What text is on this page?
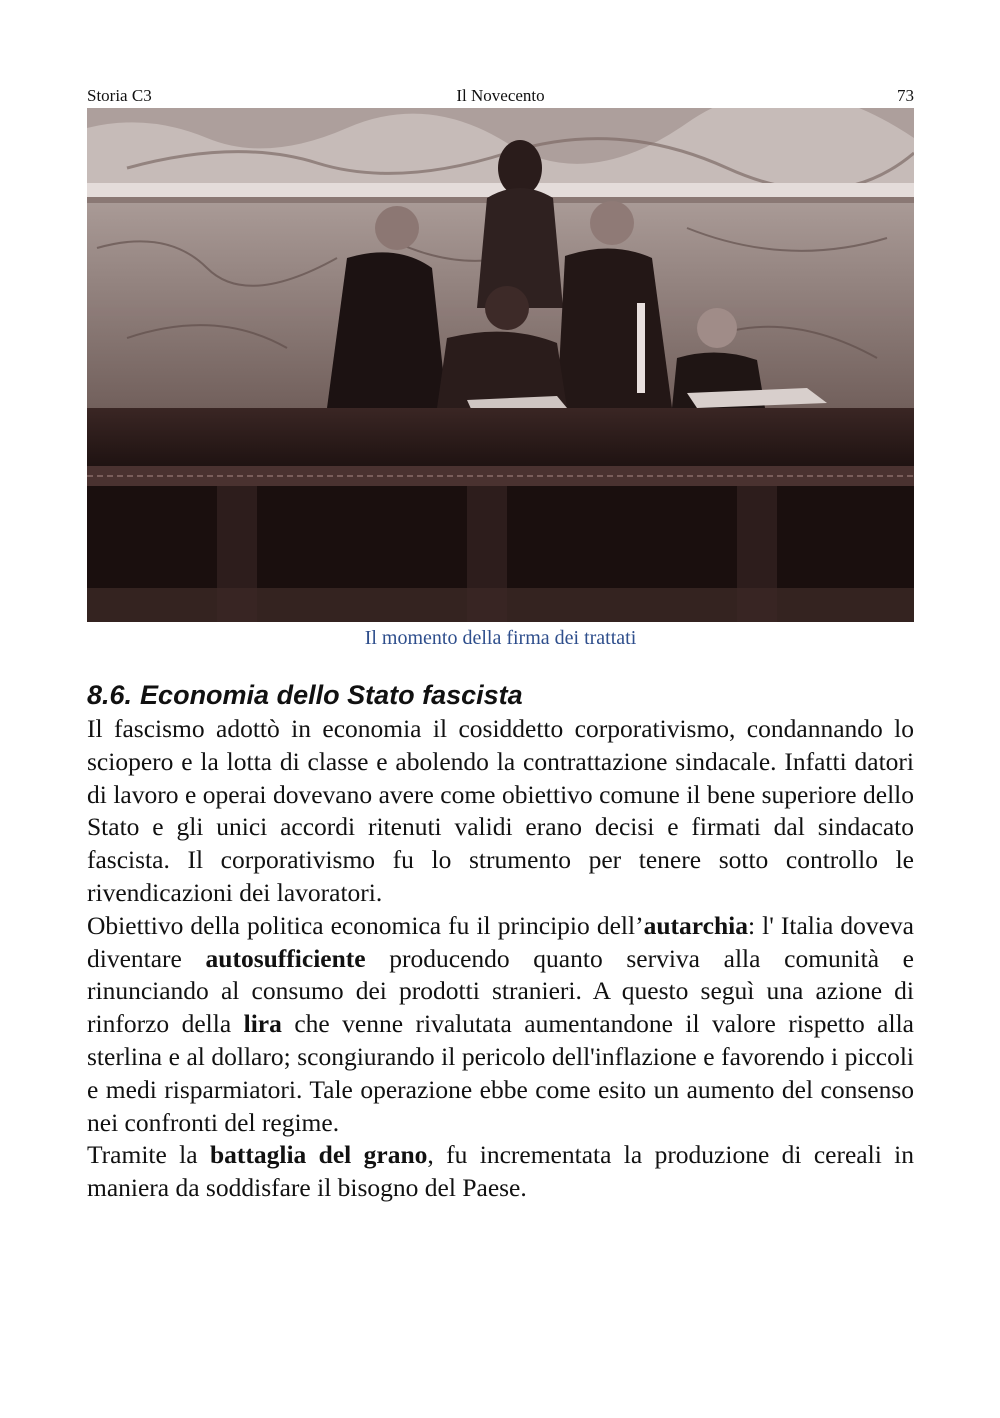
Storia C3	Il Novecento	73
Il momento della firma dei trattati
8.6. Economia dello Stato fascista

Il fascismo adottò in economia il cosiddetto corporativismo, condannando lo sciopero e la lotta di classe e abolendo la contrattazione sindacale. Infatti datori di lavoro e operai dovevano avere come obiettivo comune il bene superiore dello Stato e gli unici accordi ritenuti validi erano decisi e firmati dal sindacato fascista. Il corporativismo fu lo strumento per tenere sotto controllo le rivendicazioni dei lavoratori.

Obiettivo della politica economica fu il principio dell’autarchia: l' Italia doveva diventare autosufficiente producendo quanto serviva alla comunità e rinunciando al consumo dei prodotti stranieri. A questo seguì una azione di rinforzo della lira che venne rivalutata aumentandone il valore rispetto alla sterlina e al dollaro; scongiurando il pericolo dell'inflazione e favorendo i piccoli e medi risparmiatori. Tale operazione ebbe come esito un aumento del consenso nei confronti del regime.

Tramite la battaglia del grano, fu incrementata la produzione di cereali in maniera da soddisfare il bisogno del Paese.
